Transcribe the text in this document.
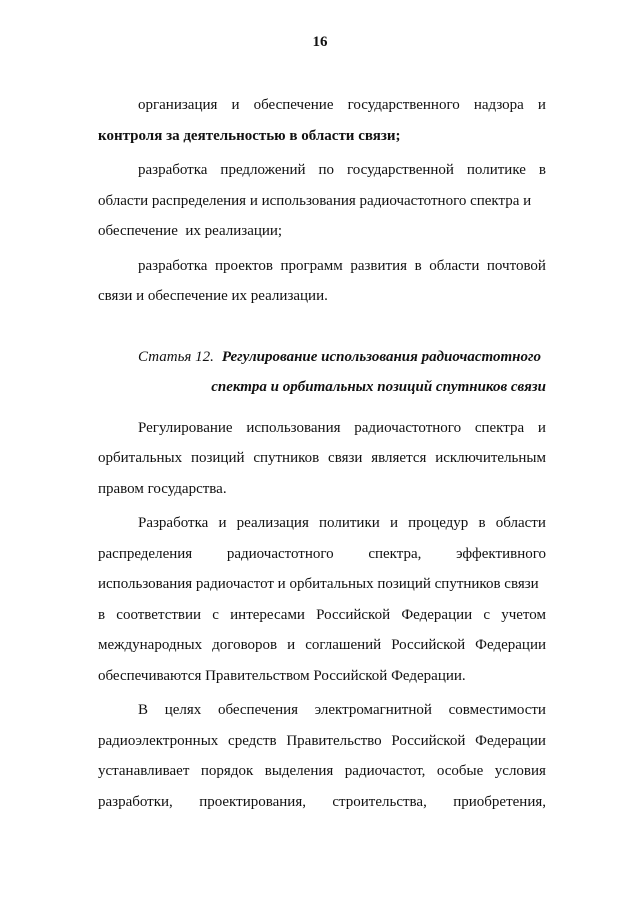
16
организация и обеспечение государственного надзора и
контроля за деятельностью в области связи;
разработка предложений по государственной политике в
области распределения и использования радиочастотного спектра и
обеспечение  их реализации;
разработка проектов программ развития в области почтовой
связи и обеспечение их реализации.
Статья 12. Регулирование использования радиочастотного
спектра и орбитальных позиций спутников связи
Регулирование использования радиочастотного спектра и
орбитальных позиций спутников связи является исключительным
правом государства.
Разработка и реализация политики и процедур в области
распределения радиочастотного спектра, эффективного
использования радиочастот и орбитальных позиций спутников связи
в соответствии с интересами Российской Федерации с учетом
международных договоров и соглашений Российской Федерации
обеспечиваются Правительством Российской Федерации.
В целях обеспечения электромагнитной совместимости
радиоэлектронных средств Правительство Российской Федерации
устанавливает порядок выделения радиочастот, особые условия
разработки, проектирования, строительства, приобретения,
